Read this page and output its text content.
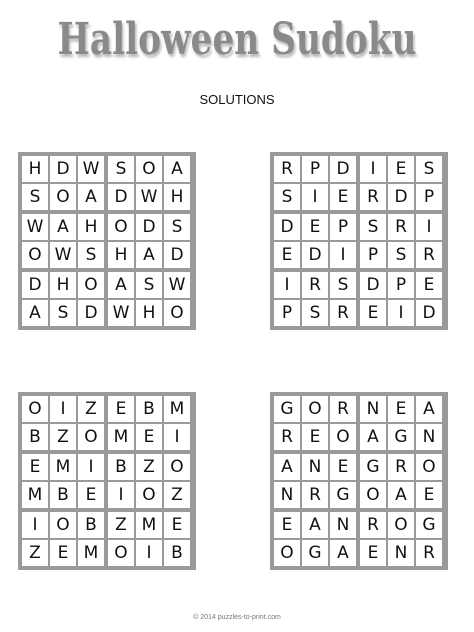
Halloween Sudoku
SOLUTIONS
H D W S O A
S O A	D W H
W A H O D S
O W S	H A D
D H O	A S W
A S D W H O
R P D	I	E	S
S	I	E	R D P
D E	P	S R	I
E D	I	P	S R
I	R S	D P	E
P	S R	E	I	D
O	I	Z	E B M
B Z O M E	I
E M	I	B Z O
M B E	I	O Z
I	O B	Z M E
Z E M O	I	B
G O R	N E A
R E O	A G N
A N E	G R O
N R G O A E
E A N	R O G
O G A	E N R
© 2014 puzzles-to-print.com
